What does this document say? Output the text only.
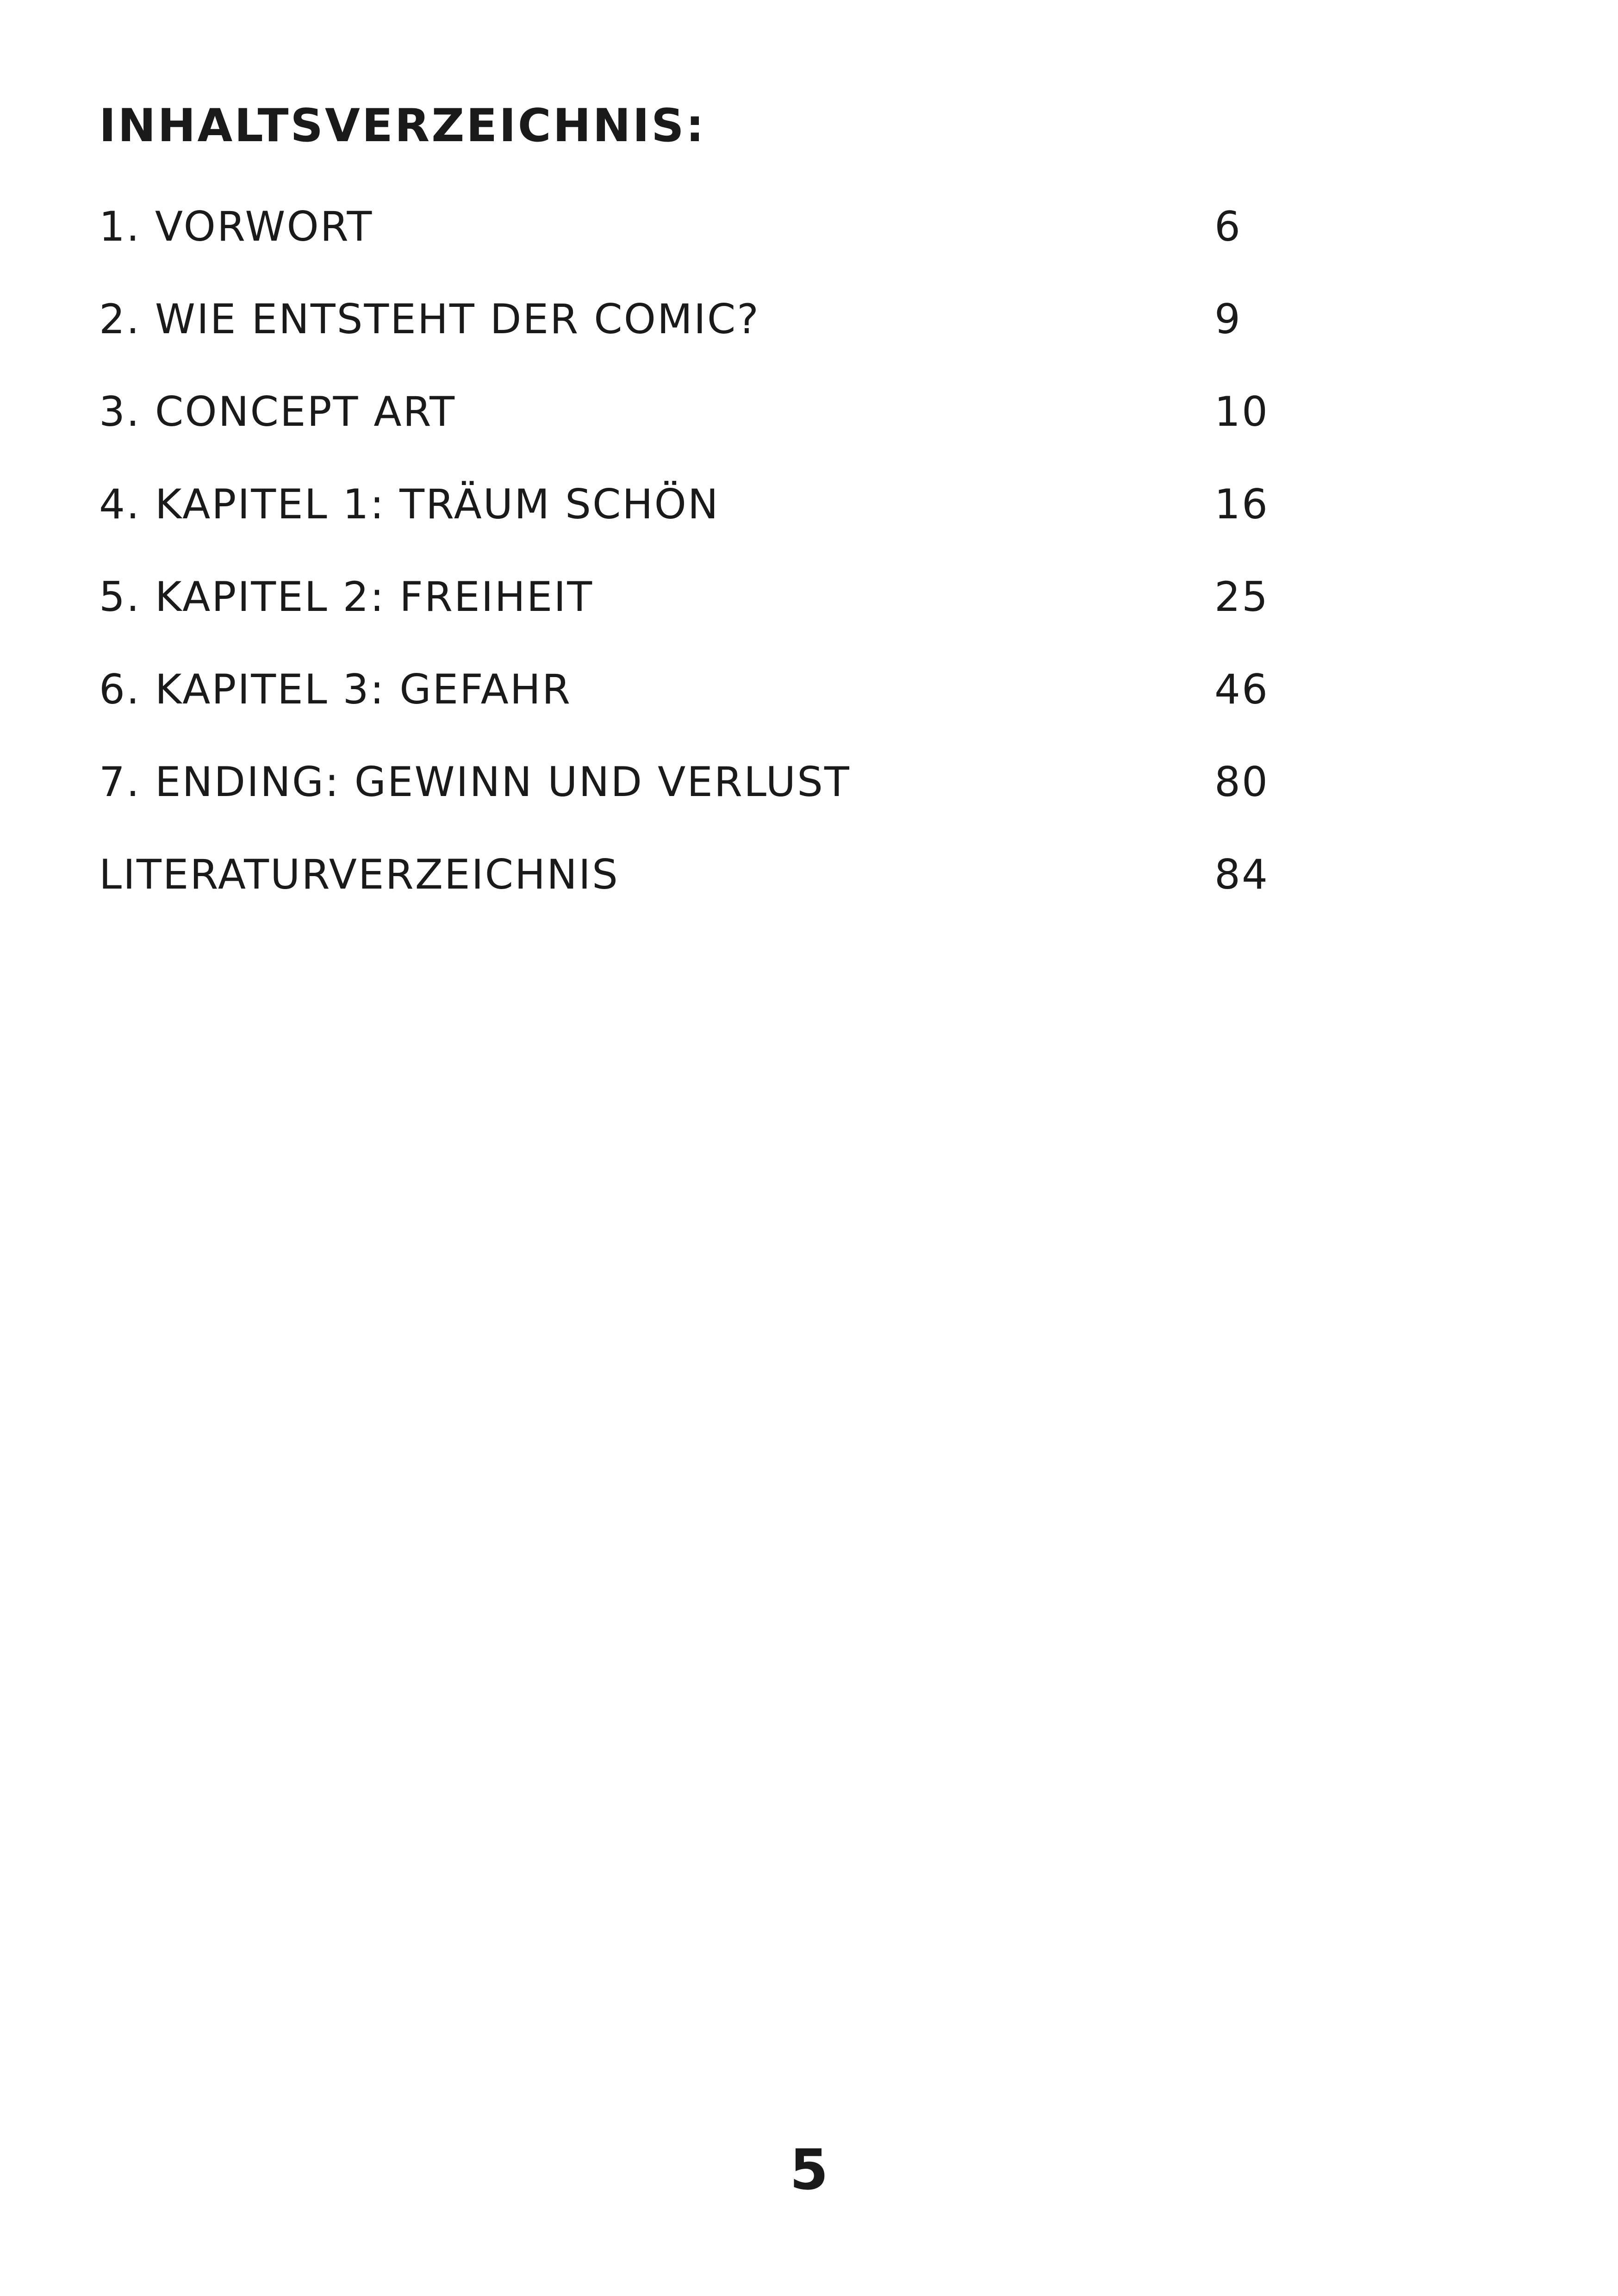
INHALTSVERZEICHNIS:
1. VORWORT	6
2. WIE ENTSTEHT DER COMIC?	9
3. CONCEPT ART	10
4. KAPITEL 1: TRÄUM SCHÖN	16
5. KAPITEL 2: FREIHEIT	25
6. KAPITEL 3: GEFAHR	46
7. ENDING: GEWINN UND VERLUST	80
LITERATURVERZEICHNIS	84
5
